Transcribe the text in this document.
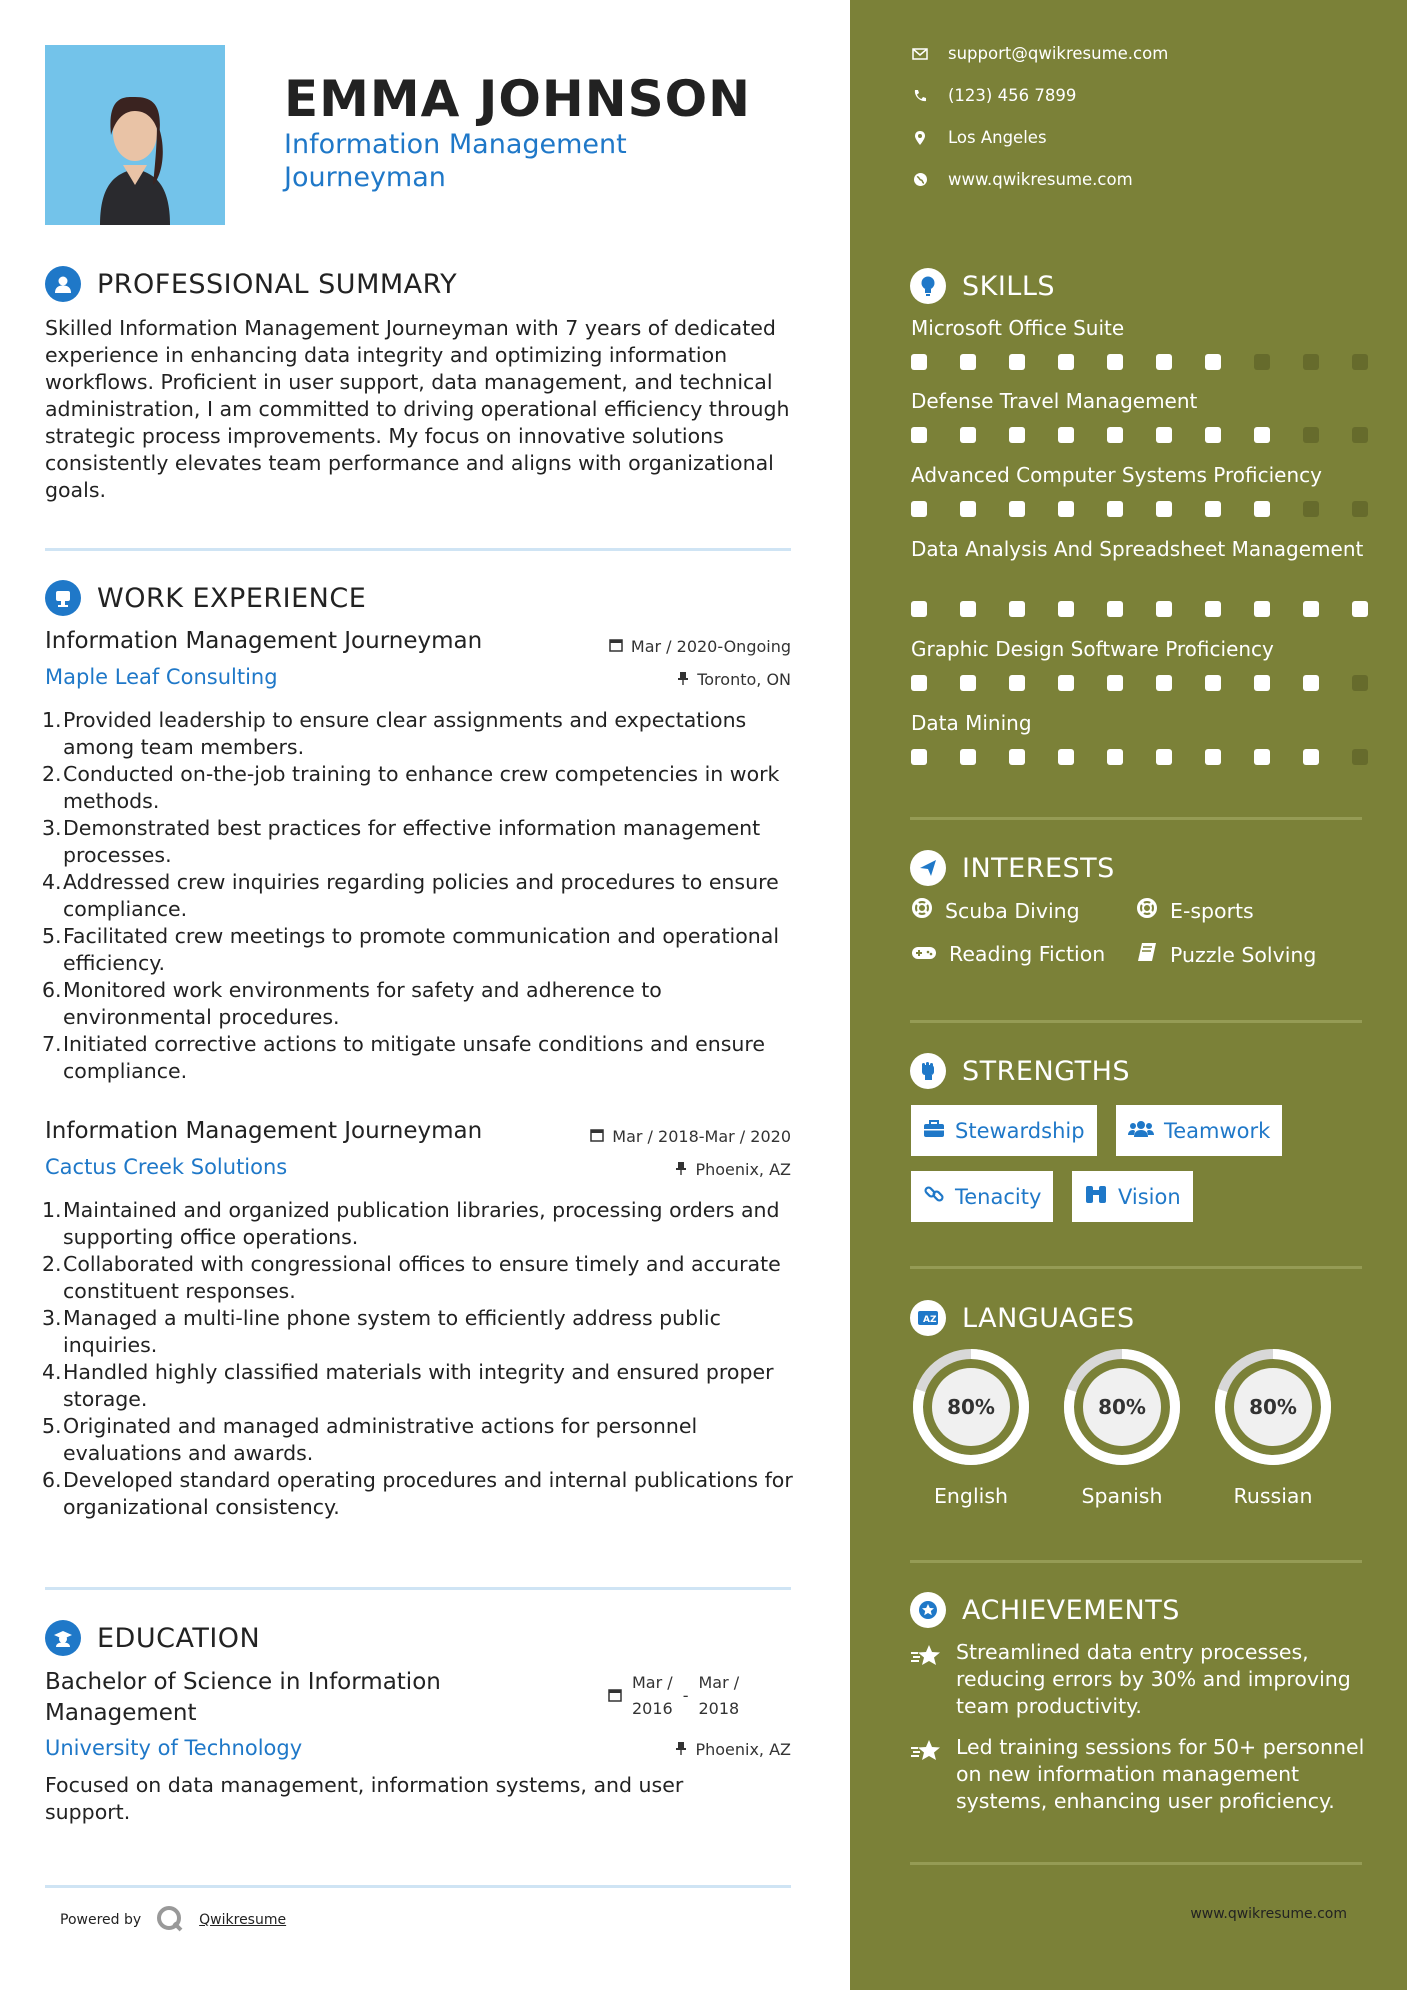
EMMA JOHNSON
Information Management Journeyman
PROFESSIONAL SUMMARY
Skilled Information Management Journeyman with 7 years of dedicated experience in enhancing data integrity and optimizing information workflows. Proficient in user support, data management, and technical administration, I am committed to driving operational efficiency through strategic process improvements. My focus on innovative solutions consistently elevates team performance and aligns with organizational goals.
WORK EXPERIENCE
Information Management Journeyman	Mar / 2020-Ongoing
Maple Leaf Consulting	Toronto, ON
1. Provided leadership to ensure clear assignments and expectations among team members.
2. Conducted on-the-job training to enhance crew competencies in work methods.
3. Demonstrated best practices for effective information management processes.
4. Addressed crew inquiries regarding policies and procedures to ensure compliance.
5. Facilitated crew meetings to promote communication and operational efficiency.
6. Monitored work environments for safety and adherence to environmental procedures.
7. Initiated corrective actions to mitigate unsafe conditions and ensure compliance.
Information Management Journeyman	Mar / 2018-Mar / 2020
Cactus Creek Solutions	Phoenix, AZ
1. Maintained and organized publication libraries, processing orders and supporting office operations.
2. Collaborated with congressional offices to ensure timely and accurate constituent responses.
3. Managed a multi-line phone system to efficiently address public inquiries.
4. Handled highly classified materials with integrity and ensured proper storage.
5. Originated and managed administrative actions for personnel evaluations and awards.
6. Developed standard operating procedures and internal publications for organizational consistency.
EDUCATION
Bachelor of Science in Information Management
Mar /
2016
-
Mar /
2018
University of Technology	Phoenix, AZ
Focused on data management, information systems, and user support.
Powered by	Qwikresume
support@qwikresume.com
(123) 456 7899
Los Angeles
www.qwikresume.com
SKILLS
Microsoft Office Suite
Defense Travel Management
Advanced Computer Systems Proficiency
Data Analysis And Spreadsheet Management
Graphic Design Software Proficiency
Data Mining
INTERESTS
Scuba Diving	E-sports
Reading Fiction	Puzzle Solving
STRENGTHS
Stewardship	Teamwork
Tenacity	Vision
A Z LANGUAGES
80%
English
80%
Spanish
80%
Russian
ACHIEVEMENTS
Streamlined data entry processes, reducing errors by 30% and improving team productivity.
Led training sessions for 50+ personnel on new information management systems, enhancing user proficiency.
www.qwikresume.com
